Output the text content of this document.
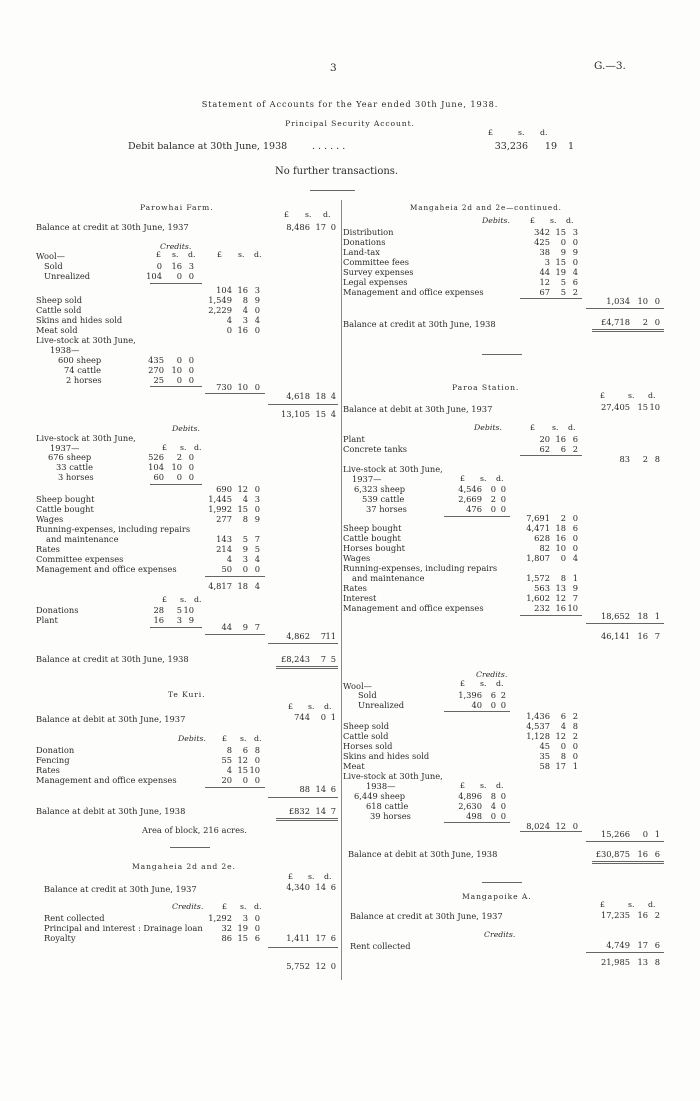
3	G.—3.
Statement of Accounts for the Year ended 30th June, 1938.
Principal Security Account.
£	s. d.
Debit balance at 30th June, 1938	. . . . . .	33,236 19 1
No further transactions.
Parowhai Farm.
£ s. d.
Balance at credit at 30th June, 1937	8,486 17 0
Credits.
Wool—	£ s. d.	£ s. d.
Sold	0 16 3
Unrealized	104 0 0
104 16 3
Sheep sold	1,549 8 9
Cattle sold	2,229 4 0
Skins and hides sold	4 3 4
Meat sold	0 16 0
Live-stock at 30th June,
1938—
600 sheep	435 0 0
74 cattle	270 10 0
2 horses	25 0 0
730 10 0
4,618 18 4
13,105 15 4
Debits.
Live-stock at 30th June,
1937—	£ s. d.
676 sheep	526 2 0
33 cattle	104 10 0
3 horses	60 0 0
690 12 0
Sheep bought	1,445 4 3
Cattle bought	1,992 15 0
Wages	277 8 9
Running-expenses, including repairs
and maintenance	143 5 7
Rates	214 9 5
Committee expenses	4 3 4
Management and office expenses	50 0 0
4,817 18 4
£ s. d.
Donations	28 5 10
Plant	16 3 9
44 9 7
4,862 7 11
Balance at credit at 30th June, 1938	£8,243 7 5
Te Kuri.
£ s. d.
Balance at debit at 30th June, 1937	744 0 1
Debits. £ s. d.
Donation	8 6 8
Fencing	55 12 0
Rates	4 15 10
Management and office expenses	20 0 0
88 14 6
Balance at debit at 30th June, 1938	£832 14 7
Area of block, 216 acres.
Mangaheia 2d and 2e.
£ s. d.
Balance at credit at 30th June, 1937	4,340 14 6
Credits. £ s. d.
Rent collected	1,292 3 0
Principal and interest : Drainage loan 32 19 0
Royalty	86 15 6	1,411 17 6
5,752 12 0
Mangaheia 2d and 2e—continued.
Debits.	£ s. d.
Distribution	342 15 3
Donations	425 0 0
Land-tax	38 9 9
Committee fees	3 15 0
Survey expenses	44 19 4
Legal expenses	12 5 6
Management and office expenses	67 5 2
1,034 10 0
Balance at credit at 30th June, 1938	£4,718 2 0
Paroa Station.
£	s. d.
Balance at debit at 30th June, 1937	27,405 15 10
Debits.	£ s. d.
Plant	20 16 6
Concrete tanks	62 6 2
83 2 8
Live-stock at 30th June,
1937—	£ s. d.
6,323 sheep	4,546 0 0
539 cattle	2,669 2 0
37 horses	476 0 0
7,691 2 0
Sheep bought	4,471 18 6
Cattle bought	628 16 0
Horses bought	82 10 0
Wages	1,807 0 4
Running-expenses, including repairs
and maintenance	1,572 8 1
Rates	563 13 9
Interest	1,602 12 7
Management and office expenses	232 16 10
18,652 18 1
46,141 16 7
Credits.
Wool—	£ s. d.
Sold	1,396 6 2
Unrealized	40 0 0
1,436 6 2
Sheep sold	4,537 4 8
Cattle sold	1,128 12 2
Horses sold	45 0 0
Skins and hides sold	35 8 0
Meat	58 17 1
Live-stock at 30th June,
1938—	£ s. d.
6,449 sheep	4,896 8 0
618 cattle	2,630 4 0
39 horses	498 0 0
8,024 12 0
15,266 0 1
Balance at debit at 30th June, 1938	£30,875 16 6
Mangapoike A.
£	s. d.
Balance at credit at 30th June, 1937	17,235 16 2
Credits.
Rent collected	4,749 17 6
21,985 13 8
